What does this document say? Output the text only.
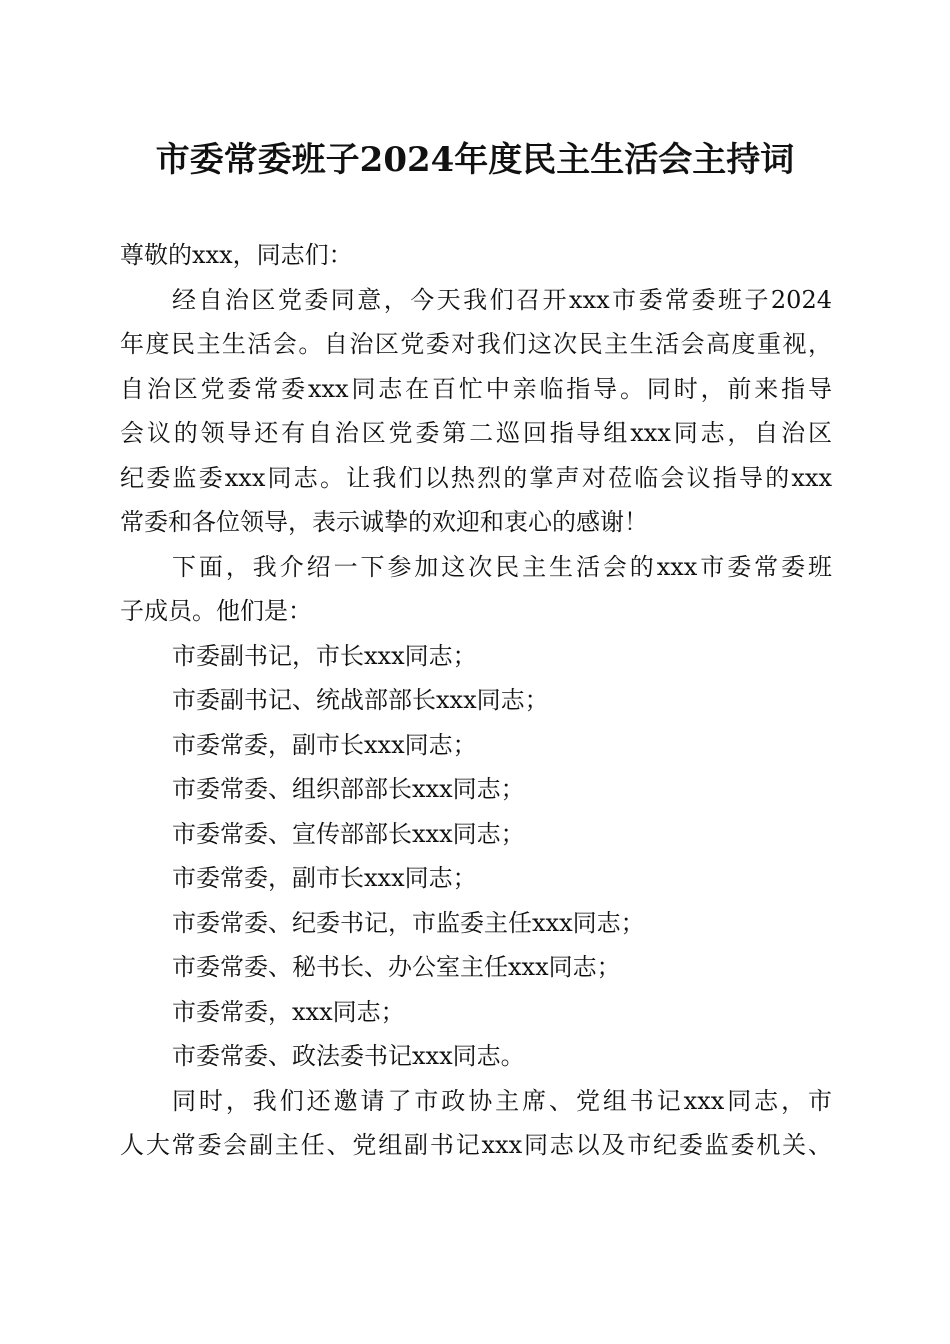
市委常委班子2024年度民主生活会主持词
尊敬的xxx，同志们：
经自治区党委同意，今天我们召开xxx市委常委班子2024
年度民主生活会。自治区党委对我们这次民主生活会高度重视，
自治区党委常委xxx同志在百忙中亲临指导。同时，前来指导
会议的领导还有自治区党委第二巡回指导组xxx同志，自治区
纪委监委xxx同志。让我们以热烈的掌声对莅临会议指导的xxx
常委和各位领导，表示诚挚的欢迎和衷心的感谢！
下面，我介绍一下参加这次民主生活会的xxx市委常委班
子成员。他们是：
市委副书记，市长xxx同志；
市委副书记、统战部部长xxx同志；
市委常委，副市长xxx同志；
市委常委、组织部部长xxx同志；
市委常委、宣传部部长xxx同志；
市委常委，副市长xxx同志；
市委常委、纪委书记，市监委主任xxx同志；
市委常委、秘书长、办公室主任xxx同志；
市委常委，xxx同志；
市委常委、政法委书记xxx同志。
同时，我们还邀请了市政协主席、党组书记xxx同志，市
人大常委会副主任、党组副书记xxx同志以及市纪委监委机关、
